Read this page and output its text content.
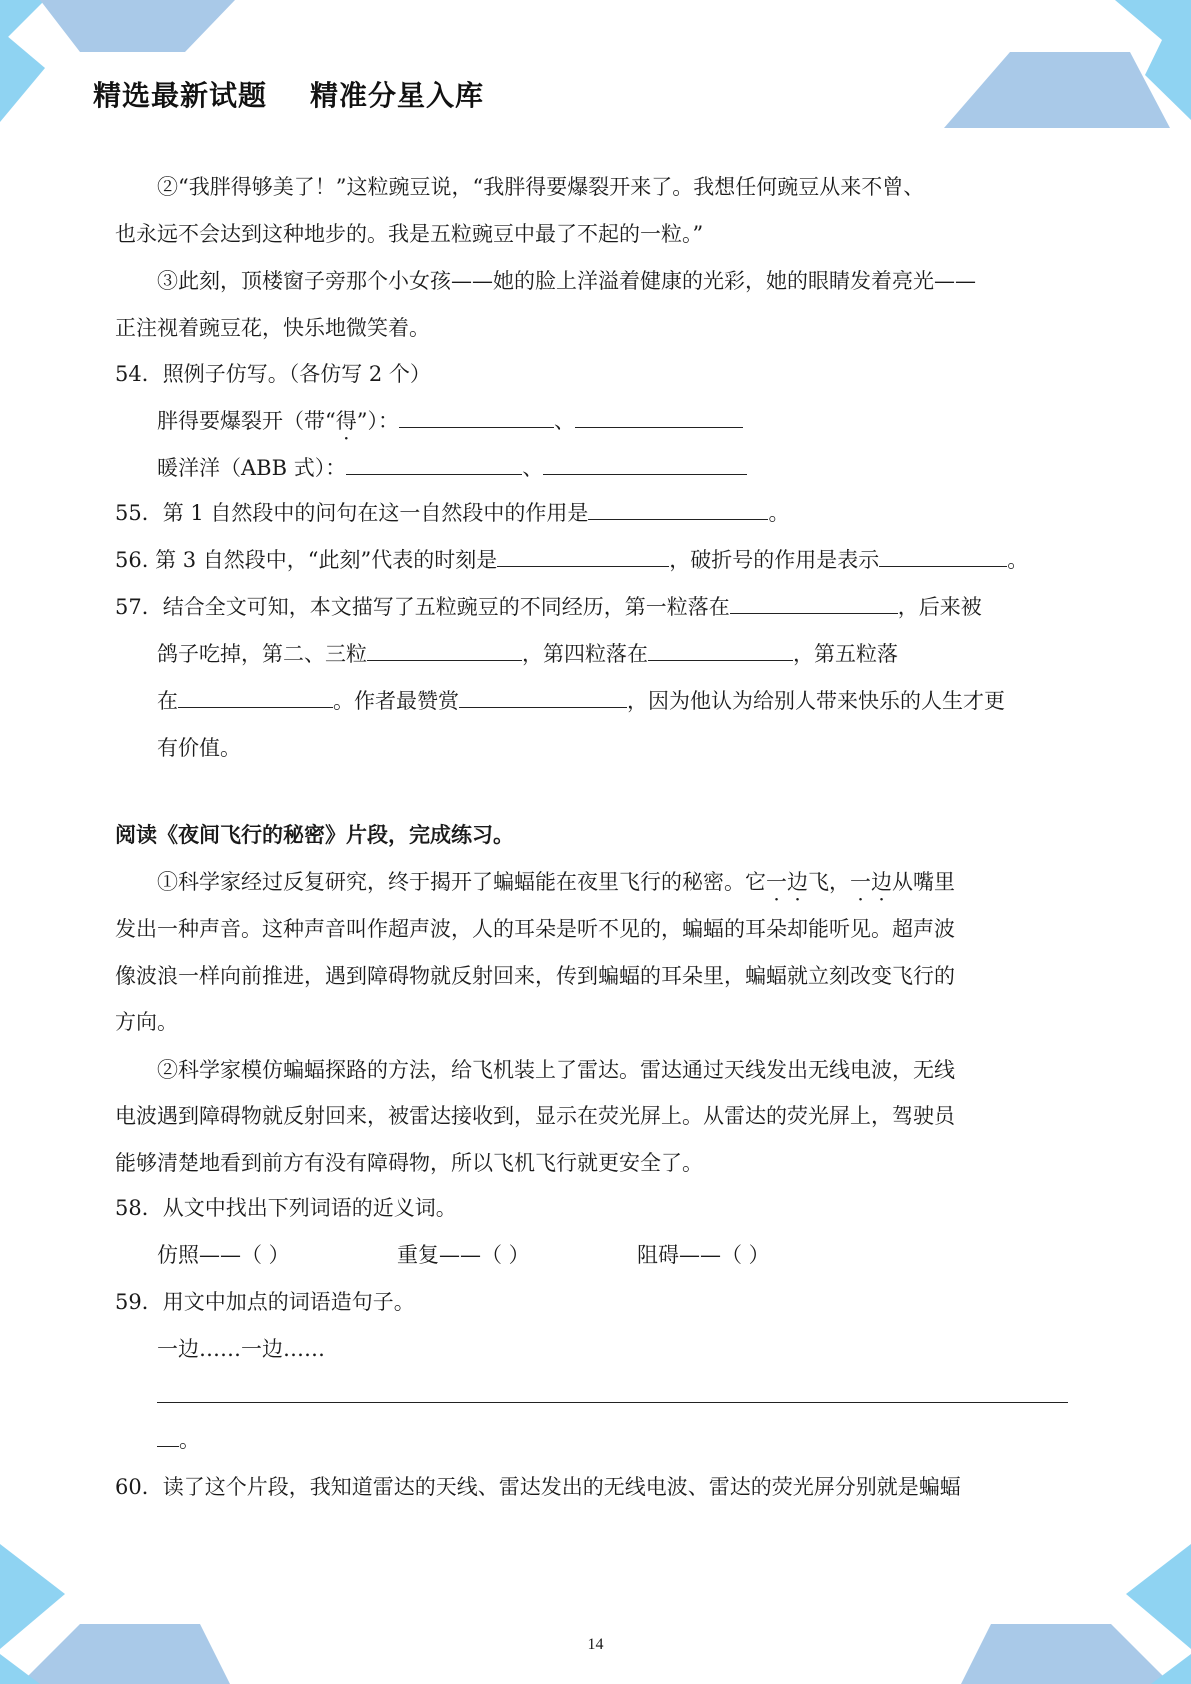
精选最新试题    精准分星入库
②“我胖得够美了！”这粒豌豆说，“我胖得要爆裂开来了。我想任何豌豆从来不曾、
也永远不会达到这种地步的。我是五粒豌豆中最了不起的一粒。”
③此刻，顶楼窗子旁那个小女孩——她的脸上洋溢着健康的光彩，她的眼睛发着亮光——
正注视着豌豆花，快乐地微笑着。
54．照例子仿写。（各仿写 2 个）
胖得要爆裂开（带“得”）：	、
暖洋洋（ABB 式）：	、
55．第 1 自然段中的问句在这一自然段中的作用是	。
56. 第 3 自然段中，“此刻”代表的时刻是	，破折号的作用是表示	。
57．结合全文可知，本文描写了五粒豌豆的不同经历，第一粒落在	，后来被
鸽子吃掉，第二、三粒	，第四粒落在	，第五粒落
在	。作者最赞赏	，因为他认为给别人带来快乐的人生才更
有价值。
阅读《夜间飞行的秘密》片段，完成练习。
①科学家经过反复研究，终于揭开了蝙蝠能在夜里飞行的秘密。它一边飞，一边从嘴里
发出一种声音。这种声音叫作超声波，人的耳朵是听不见的，蝙蝠的耳朵却能听见。超声波
像波浪一样向前推进，遇到障碍物就反射回来，传到蝙蝠的耳朵里，蝙蝠就立刻改变飞行的
方向。
②科学家模仿蝙蝠探路的方法，给飞机装上了雷达。雷达通过天线发出无线电波，无线
电波遇到障碍物就反射回来，被雷达接收到，显示在荧光屏上。从雷达的荧光屏上，驾驶员
能够清楚地看到前方有没有障碍物，所以飞机飞行就更安全了。
58．从文中找出下列词语的近义词。
仿照——（ ）	重复——（ ）	阻碍——（ ）
59．用文中加点的词语造句子。
一边……一边……
。
60．读了这个片段，我知道雷达的天线、雷达发出的无线电波、雷达的荧光屏分别就是蝙蝠
14
